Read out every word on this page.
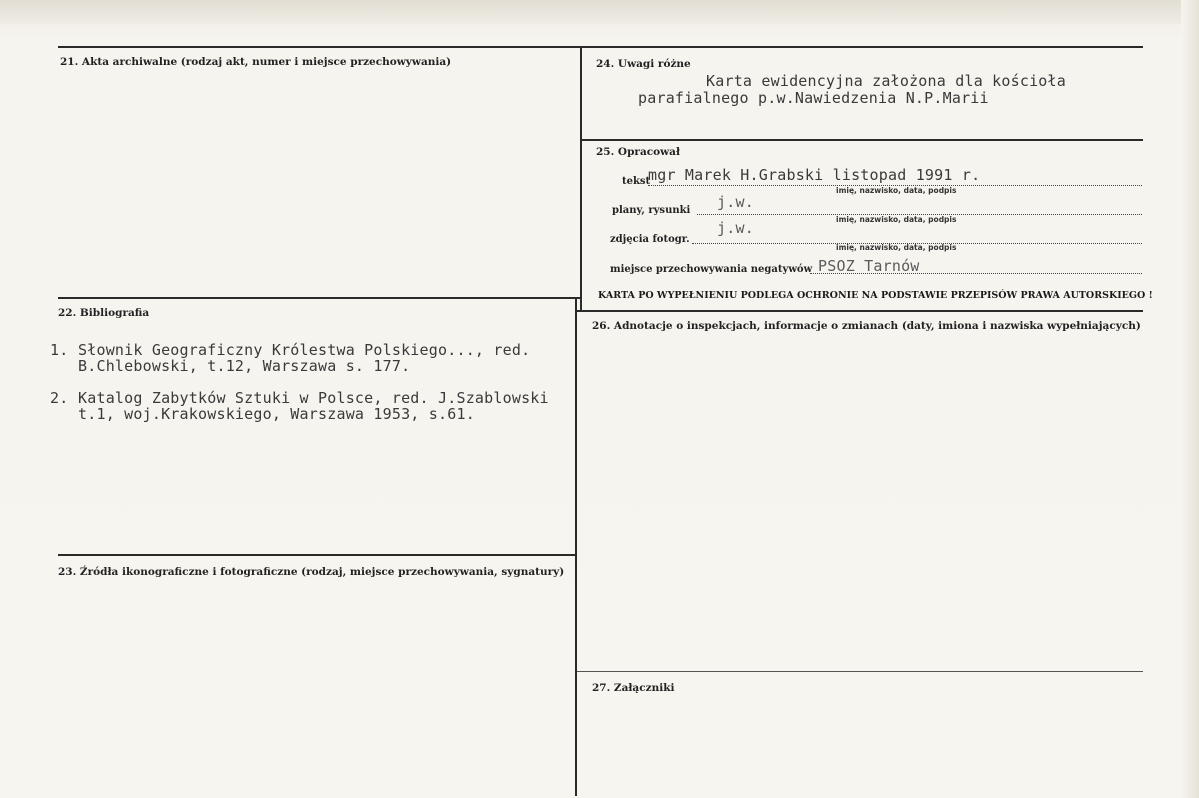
21. Akta archiwalne (rodzaj akt, numer i miejsce przechowywania)
22. Bibliografia
1. Słownik Geograficzny Królestwa Polskiego..., red.
B.Chlebowski, t.12, Warszawa s. 177.
2. Katalog Zabytków Sztuki w Polsce, red. J.Szablowski
t.1, woj.Krakowskiego, Warszawa 1953, s.61.
23. Źródła ikonograficzne i fotograficzne (rodzaj, miejsce przechowywania, sygnatury)
24. Uwagi różne
Karta ewidencyjna założona dla kościoła
parafialnego p.w.Nawiedzenia N.P.Marii
25. Opracował
tekst
mgr Marek H.Grabski listopad 1991 r.
imię, nazwisko, data, podpis
plany, rysunki j.w.
imię, nazwisko, data, podpis
zdjęcia fotogr.
j.w.
imię, nazwisko, data, podpis
miejsce przechowywania negatywów PSOZ Tarnów
KARTA PO WYPEŁNIENIU PODLEGA OCHRONIE NA PODSTAWIE PRZEPISÓW PRAWA AUTORSKIEGO !
26. Adnotacje o inspekcjach, informacje o zmianach (daty, imiona i nazwiska wypełniających)
27. Załączniki
